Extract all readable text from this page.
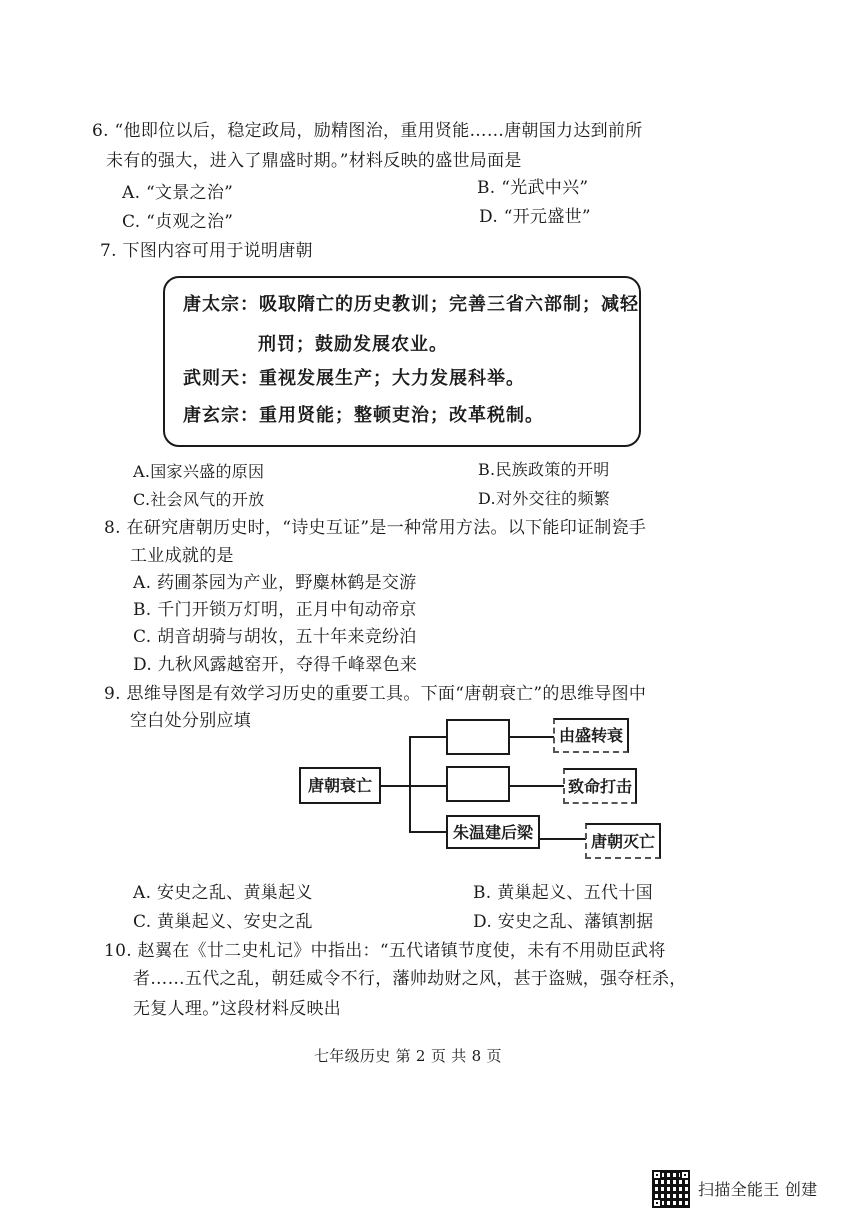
6. “他即位以后，稳定政局，励精图治，重用贤能……唐朝国力达到前所
未有的强大，进入了鼎盛时期。”材料反映的盛世局面是
A. “文景之治”	B. “光武中兴”
C. “贞观之治”	D. “开元盛世”
7. 下图内容可用于说明唐朝
唐太宗：吸取隋亡的历史教训；完善三省六部制；减轻
刑罚；鼓励发展农业。
武则天：重视发展生产；大力发展科举。
唐玄宗：重用贤能；整顿吏治；改革税制。
A.国家兴盛的原因	B.民族政策的开明
C.社会风气的开放	D.对外交往的频繁
8. 在研究唐朝历史时，“诗史互证”是一种常用方法。以下能印证制瓷手
工业成就的是
A. 药圃茶园为产业，野麋林鹤是交游
B. 千门开锁万灯明，正月中旬动帝京
C. 胡音胡骑与胡妆，五十年来竞纷泊
D. 九秋风露越窑开，夺得千峰翠色来
9. 思维导图是有效学习历史的重要工具。下面“唐朝衰亡”的思维导图中
空白处分别应填
唐朝衰亡
朱温建后梁
由盛转衰
致命打击
唐朝灭亡
A. 安史之乱、黄巢起义	B. 黄巢起义、五代十国
C. 黄巢起义、安史之乱	D. 安史之乱、藩镇割据
10. 赵翼在《廿二史札记》中指出：“五代诸镇节度使，未有不用勋臣武将
者……五代之乱，朝廷威令不行，藩帅劫财之风，甚于盗贼，强夺枉杀，
无复人理。”这段材料反映出
七年级历史 第 2 页 共 8 页
扫描全能王 创建
